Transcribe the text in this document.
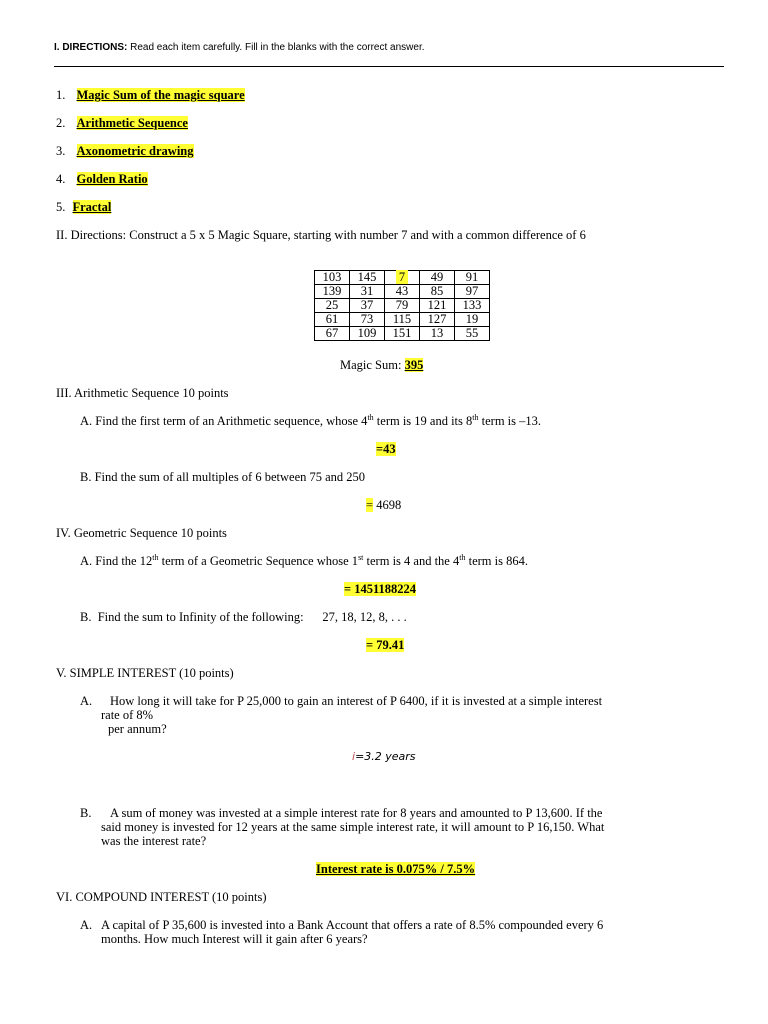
I. DIRECTIONS: Read each item carefully. Fill in the blanks with the correct answer.
1. Magic Sum of the magic square
2. Arithmetic Sequence
3. Axonometric drawing
4. Golden Ratio
5. Fractal
II. Directions: Construct a 5 x 5 Magic Square, starting with number 7 and with a common difference of 6
103	145	7	49	91
139	31	43	85	97
25	37	79	121	133
61	73	115	127	19
67	109	151	13	55
Magic Sum: 395
III. Arithmetic Sequence 10 points
A. Find the first term of an Arithmetic sequence, whose 4th term is 19 and its 8th term is –13.
=43
B. Find the sum of all multiples of 6 between 75 and 250
= 4698
IV. Geometric Sequence 10 points
A. Find the 12th term of a Geometric Sequence whose 1st term is 4 and the 4th term is 864.
= 1451188224
B.  Find the sum to Infinity of the following:      27, 18, 12, 8, . . .
= 79.41
V. SIMPLE INTEREST (10 points)
A. How long it will take for P 25,000 to gain an interest of P 6400, if it is invested at a simple interest
rate of 8%
per annum?
i=3.2 years
B. A sum of money was invested at a simple interest rate for 8 years and amounted to P 13,600. If the
said money is invested for 12 years at the same simple interest rate, it will amount to P 16,150. What
was the interest rate?
Interest rate is 0.075% / 7.5%
VI. COMPOUND INTEREST (10 points)
A. A capital of P 35,600 is invested into a Bank Account that offers a rate of 8.5% compounded every 6
months. How much Interest will it gain after 6 years?
